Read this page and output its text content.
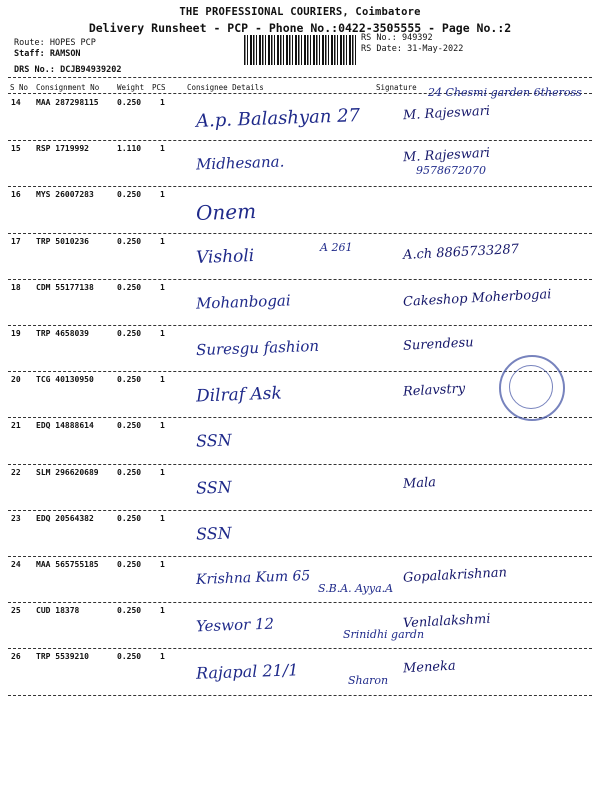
THE PROFESSIONAL COURIERS, Coimbatore
Delivery Runsheet - PCP - Phone No.:0422-3505555 - Page No.:2
Route: HOPES PCP
Staff: RAMSON
DRS No.: DCJB94939202
RS No.: 949392
RS Date: 31-May-2022
S No Consignment No Weight PCS	Consignee Details	Signature
14 MAA 287298115 0.250 1
A.p. Balashyan 27	M. Rajeswari
24 Chesmi garden 6theross
15 RSP 1719992	1.110 1
Midhesana.	M. Rajeswari
9578672070
16 MYS 26007283	0.250 1
Onem
17 TRP 5010236	0.250 1
Visholi	A.ch 8865733287
A 261
18 CDM 55177138	0.250 1
Mohanbogai	Cakeshop Moherbogai
19 TRP 4658039	0.250 1
Suresgu fashion	Surendesu
20 TCG 40130950	0.250 1
Dilraf Ask	Relavstry
21 EDQ 14888614	0.250 1
SSN
22 SLM 296620689 0.250 1
SSN	Mala
23 EDQ 20564382	0.250 1
SSN
24 MAA 565755185 0.250 1
Krishna Kum 65	Gopalakrishnan
S.B.A. Ayya.A
25 CUD 18378	0.250 1
Yeswor 12	Venlalakshmi
Srinidhi gardn
26 TRP 5539210	0.250 1
Rajapal 21/1	Meneka
Sharon
